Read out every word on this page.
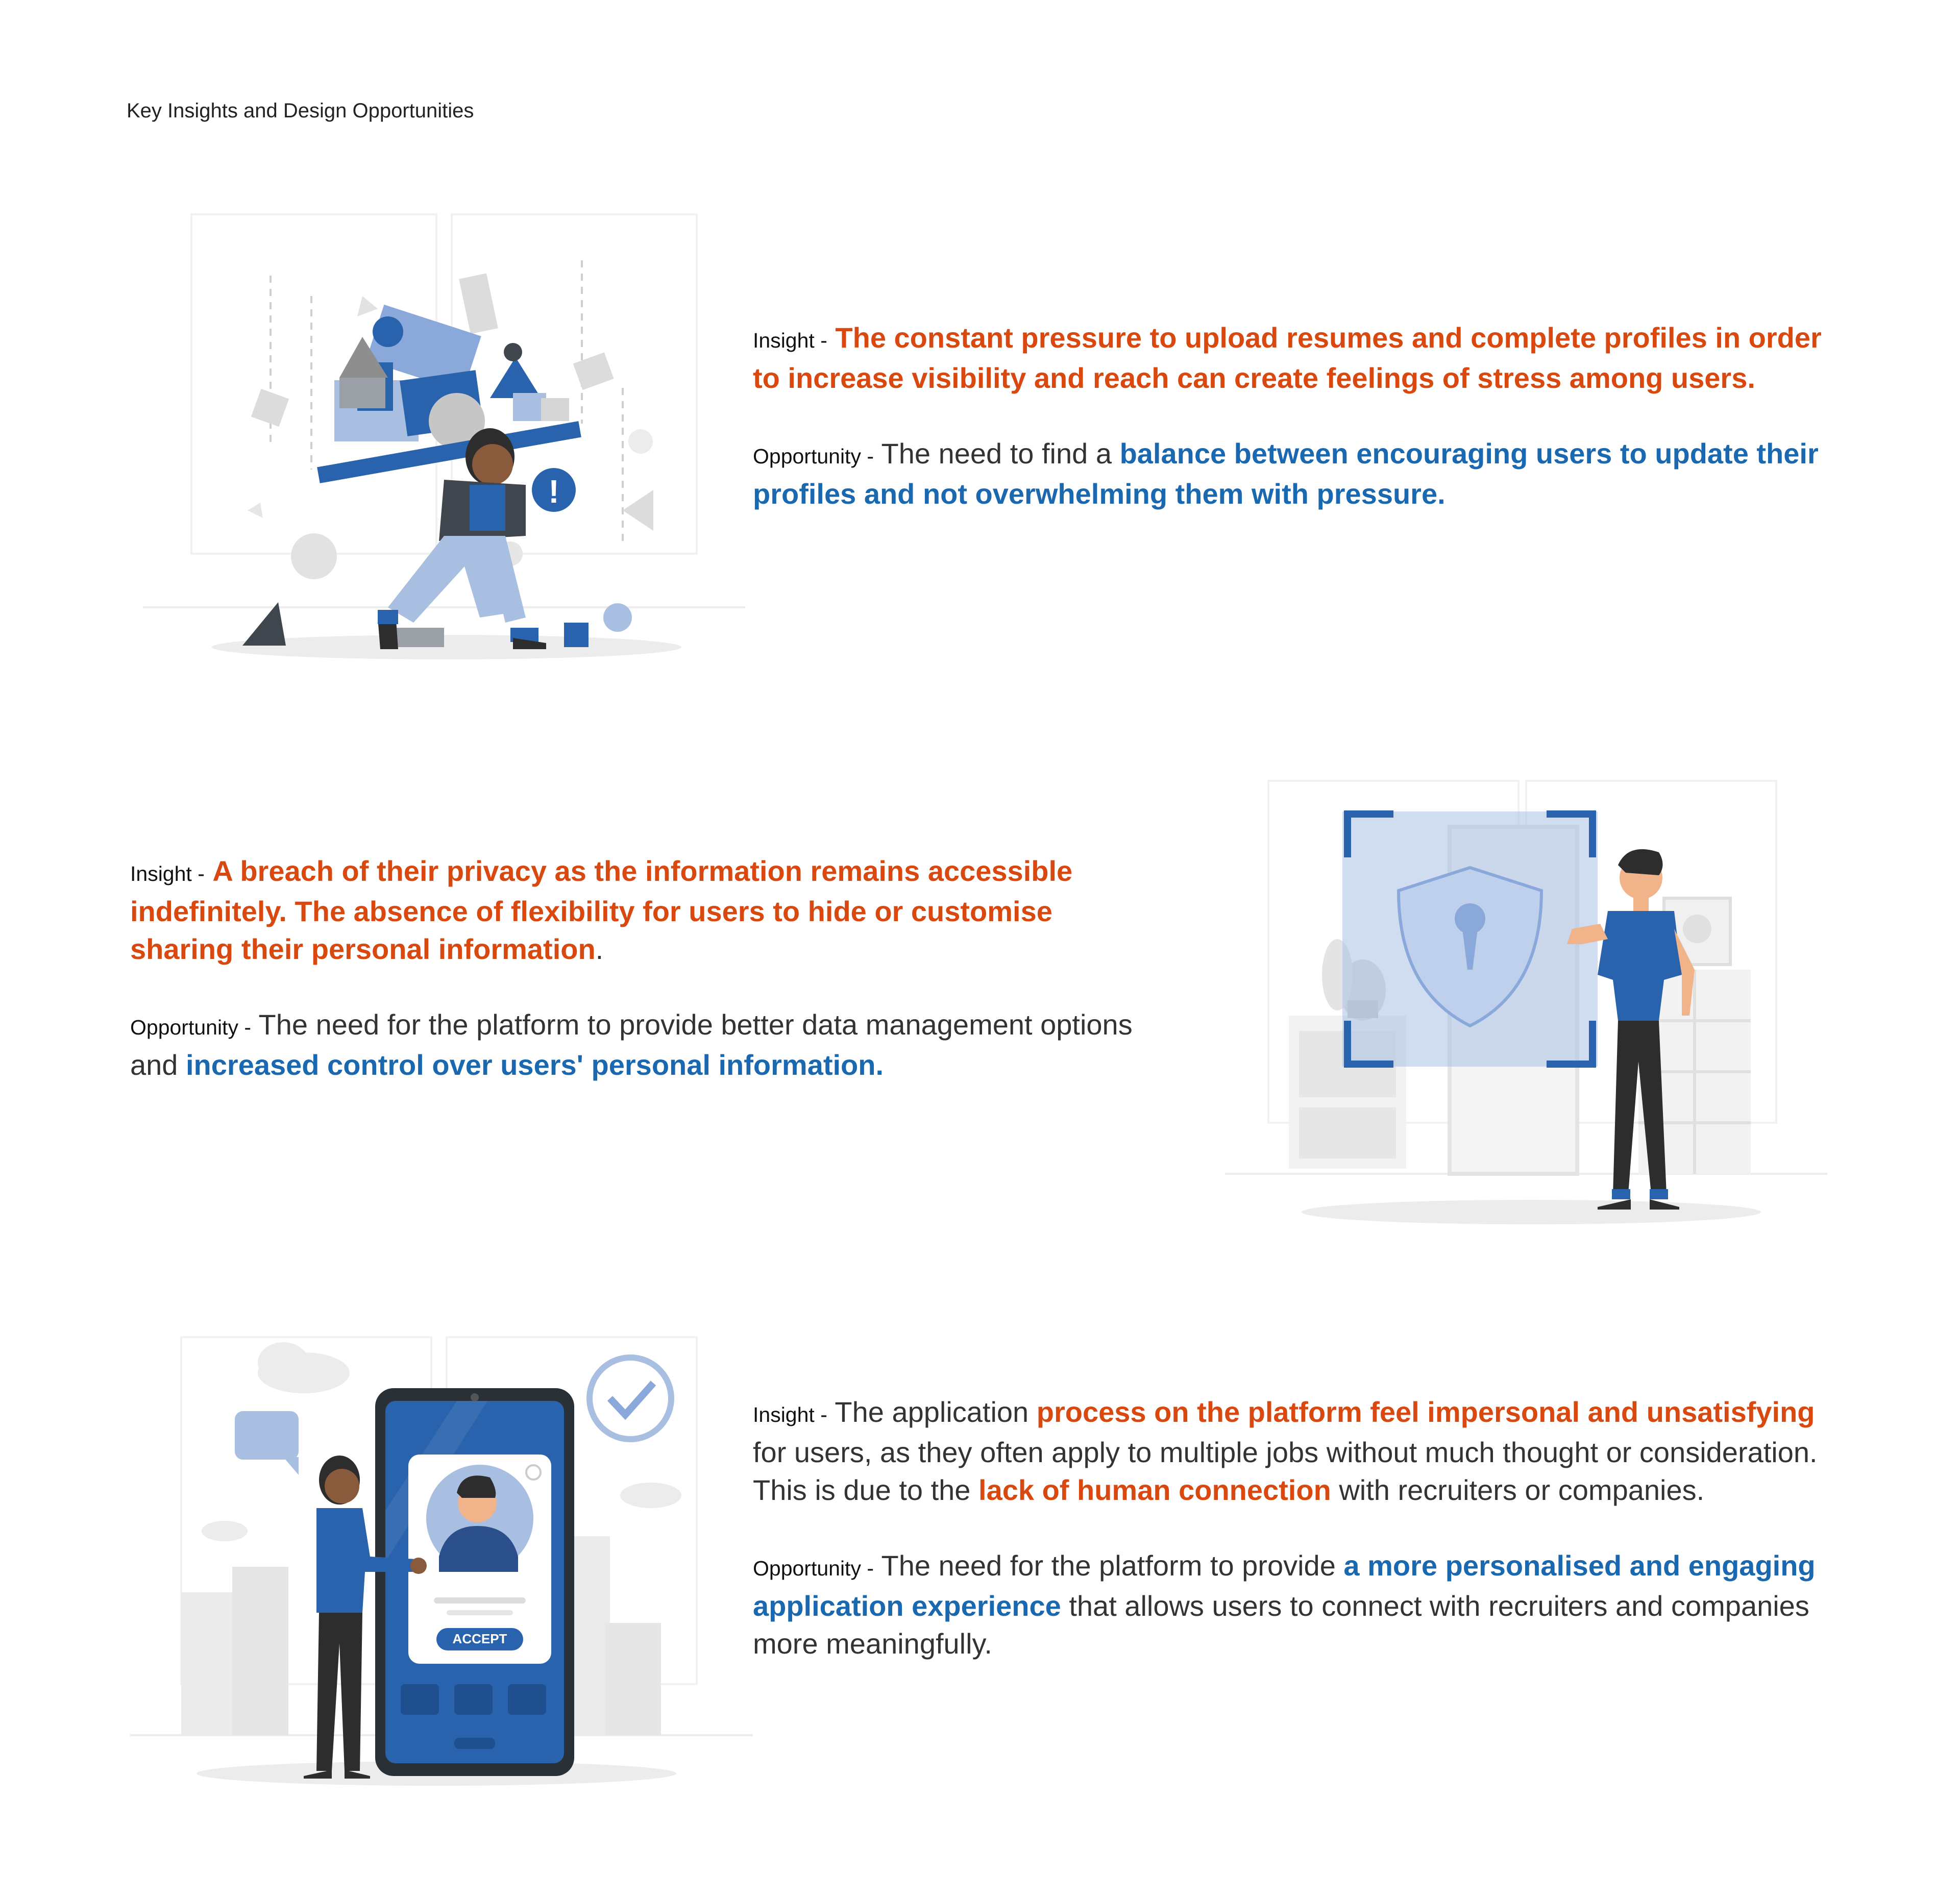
Key Insights and Design Opportunities
!

Insight - The constant pressure to upload resumes and complete profiles in order to increase visibility and reach can create feelings of stress among users.

Opportunity - The need to find a balance between encouraging users to update their profiles and not overwhelming them with pressure.

Insight - A breach of their privacy as the information remains accessible indefinitely. The absence of flexibility for users to hide or customise sharing their personal information.

Opportunity - The need for the platform to provide better data management options and increased control over users' personal information.

ACCEPT

Insight - The application process on the platform feel impersonal and unsatisfying for users, as they often apply to multiple jobs without much thought or consideration. This is due to the lack of human connection with recruiters or companies.

Opportunity - The need for the platform to provide a more personalised and engaging application experience that allows users to connect with recruiters and companies more meaningfully.
